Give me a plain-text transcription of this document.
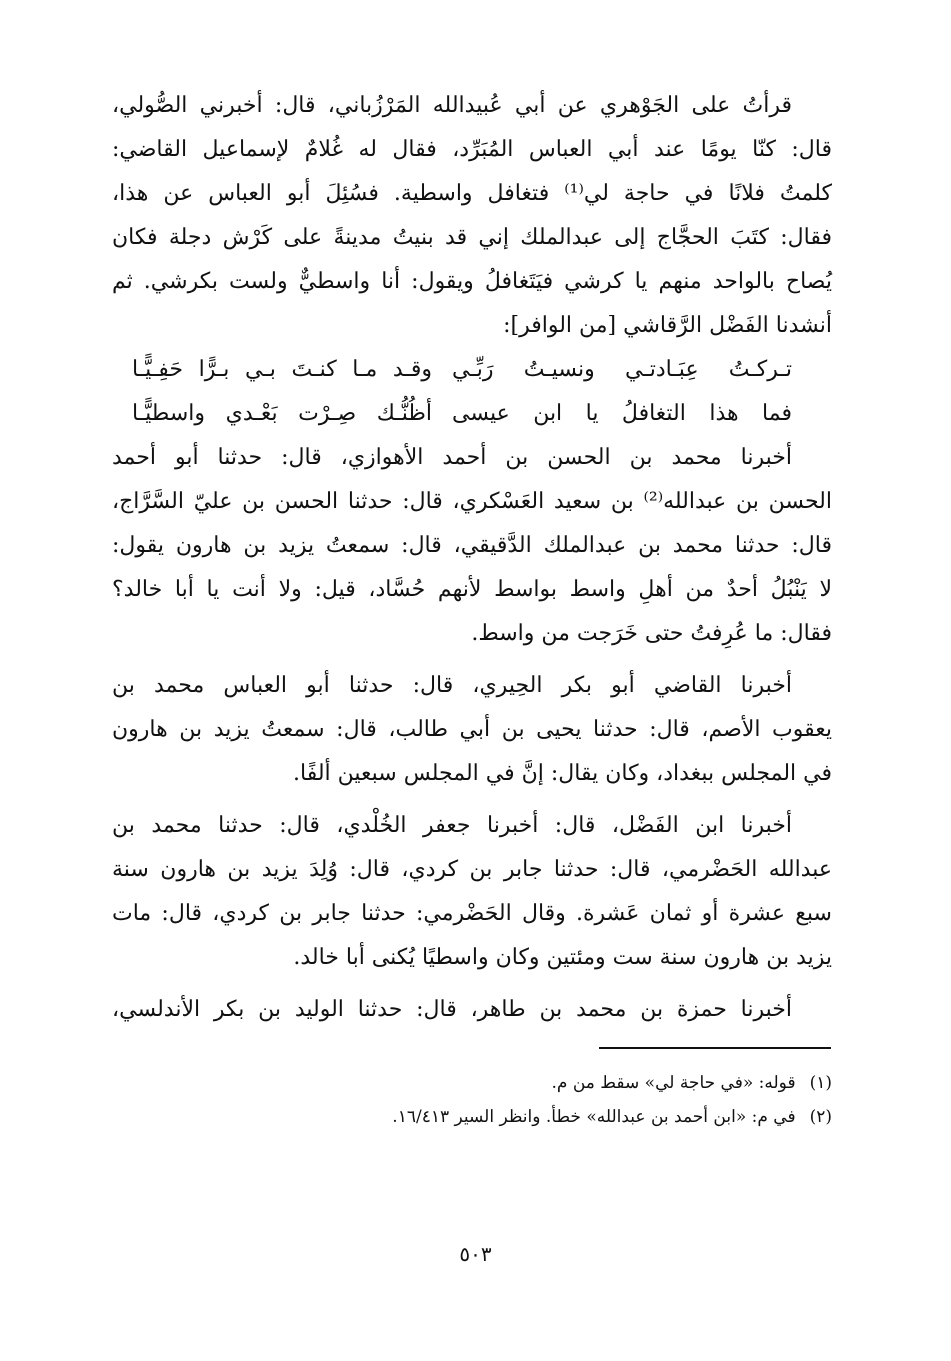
قرأتُ على الجَوْهري عن أبي عُبيدالله المَرْزُباني، قال: أخبرني الصُّولي،
قال: كنّا يومًا عند أبي العباس المُبَرِّد، فقال له غُلامٌ لإسماعيل القاضي:
كلمتُ فلانًا في حاجة لي⁽¹⁾ فتغافل واسطية. فسُئِلَ أبو العباس عن هذا،
فقال: كتَبَ الحجَّاج إلى عبدالملك إني قد بنيتُ مدينةً على كَرْش دجلة فكان
يُصاح بالواحد منهم يا كرشي فيَتَغافلُ ويقول: أنا واسطيٌّ ولست بكرشي. ثم
أنشدنا الفَضْل الرَّقاشي [من الوافر]:
تـركـتُ عِبَـادتـي ونسيـتُ رَبِّـي
وقـد مـا كنـتَ بـي بـرًّا حَفِـيًّـا
فما هذا التغافلُ يا ابن عيسى
أظُنُّـك صِـرْت بَعْـدي واسطيًّـا
أخبرنا محمد بن الحسن بن أحمد الأهوازي، قال: حدثنا أبو أحمد
الحسن بن عبدالله⁽²⁾ بن سعيد العَسْكري، قال: حدثنا الحسن بن عليّ السَّرَّاج،
قال: حدثنا محمد بن عبدالملك الدَّقيقي، قال: سمعتُ يزيد بن هارون يقول:
لا يَنْبُلُ أحدٌ من أهلِ واسط بواسط لأنهم حُسَّاد، قيل: ولا أنت يا أبا خالد؟
فقال: ما عُرِفتُ حتى خَرَجت من واسط.
أخبرنا القاضي أبو بكر الحِيري، قال: حدثنا أبو العباس محمد بن
يعقوب الأصم، قال: حدثنا يحيى بن أبي طالب، قال: سمعتُ يزيد بن هارون
في المجلس ببغداد، وكان يقال: إنَّ في المجلس سبعين ألفًا.
أخبرنا ابن الفَضْل، قال: أخبرنا جعفر الخُلْدي، قال: حدثنا محمد بن
عبدالله الحَضْرمي، قال: حدثنا جابر بن كردي، قال: وُلِدَ يزيد بن هارون سنة
سبع عشرة أو ثمان عَشرة. وقال الحَضْرمي: حدثنا جابر بن كردي، قال: مات
يزيد بن هارون سنة ست ومئتين وكان واسطيًا يُكنى أبا خالد.
أخبرنا حمزة بن محمد بن طاهر، قال: حدثنا الوليد بن بكر الأندلسي،
(١)قوله: «في حاجة لي» سقط من م.
(٢)في م: «ابن أحمد بن عبدالله» خطأ. وانظر السير ١٦/٤١٣.
٥٠٣
